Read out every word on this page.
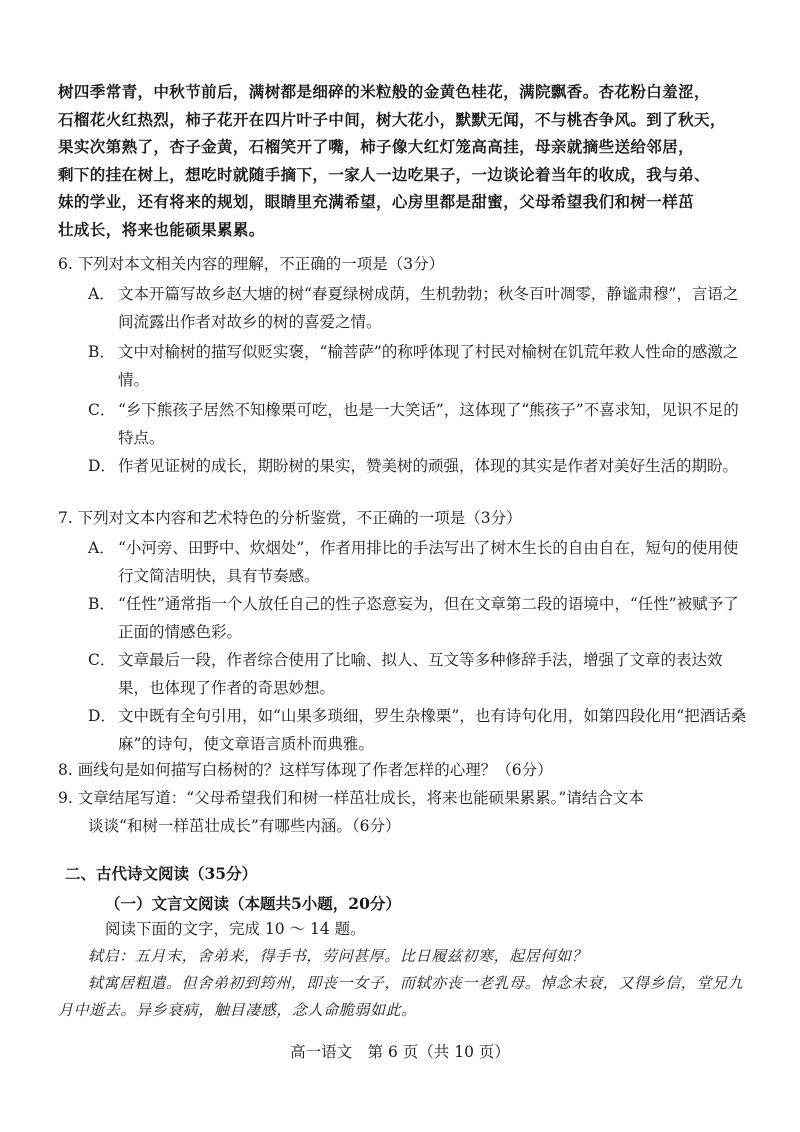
树四季常青，中秋节前后，满树都是细碎的米粒般的金黄色桂花，满院飘香。杏花粉白羞涩，

石榴花火红热烈，柿子花开在四片叶子中间，树大花小，默默无闻，不与桃杏争风。到了秋天，

果实次第熟了，杏子金黄，石榴笑开了嘴，柿子像大红灯笼高高挂，母亲就摘些送给邻居，

剩下的挂在树上，想吃时就随手摘下，一家人一边吃果子，一边谈论着当年的收成，我与弟、

妹的学业，还有将来的规划，眼睛里充满希望，心房里都是甜蜜，父母希望我们和树一样茁

壮成长，将来也能硕果累累。

6. 下列对本文相关内容的理解，不正确的一项是（3分）
A． 文本开篇写故乡赵大塘的树“春夏绿树成荫，生机勃勃；秋冬百叶凋零，静谧肃穆”，言语之间流露出作者对故乡的树的喜爱之情。
B． 文中对榆树的描写似贬实褒，“榆菩萨”的称呼体现了村民对榆树在饥荒年救人性命的感激之情。
C． “乡下熊孩子居然不知橡栗可吃，也是一大笑话”，这体现了“熊孩子”不喜求知，见识不足的特点。
D． 作者见证树的成长，期盼树的果实，赞美树的顽强，体现的其实是作者对美好生活的期盼。
7. 下列对文本内容和艺术特色的分析鉴赏，不正确的一项是（3分）
A． “小河旁、田野中、炊烟处”，作者用排比的手法写出了树木生长的自由自在，短句的使用使行文简洁明快，具有节奏感。
B． “任性”通常指一个人放任自己的性子恣意妄为，但在文章第二段的语境中，“任性”被赋予了正面的情感色彩。
C． 文章最后一段，作者综合使用了比喻、拟人、互文等多种修辞手法，增强了文章的表达效果，也体现了作者的奇思妙想。
D． 文中既有全句引用，如“山果多琐细，罗生杂橡栗”，也有诗句化用，如第四段化用“把酒话桑麻”的诗句，使文章语言质朴而典雅。
8. 画线句是如何描写白杨树的？这样写体现了作者怎样的心理？（6分）
9. 文章结尾写道：“父母希望我们和树一样茁壮成长，将来也能硕果累累。”请结合文本
谈谈“和树一样茁壮成长”有哪些内涵。（6分）
二、古代诗文阅读（35分）
（一）文言文阅读（本题共5小题，20分）
阅读下面的文字，完成 10 ～ 14 题。

轼启：五月末，舍弟来，得手书，劳问甚厚。比日履兹初寒，起居何如？

轼寓居粗遣。但舍弟初到筠州，即丧一女子，而轼亦丧一老乳母。悼念未衰，又得乡信，堂兄九月中逝去。异乡衰病，触目凄感，念人命脆弱如此。

高一语文　第 6 页（共 10 页）
